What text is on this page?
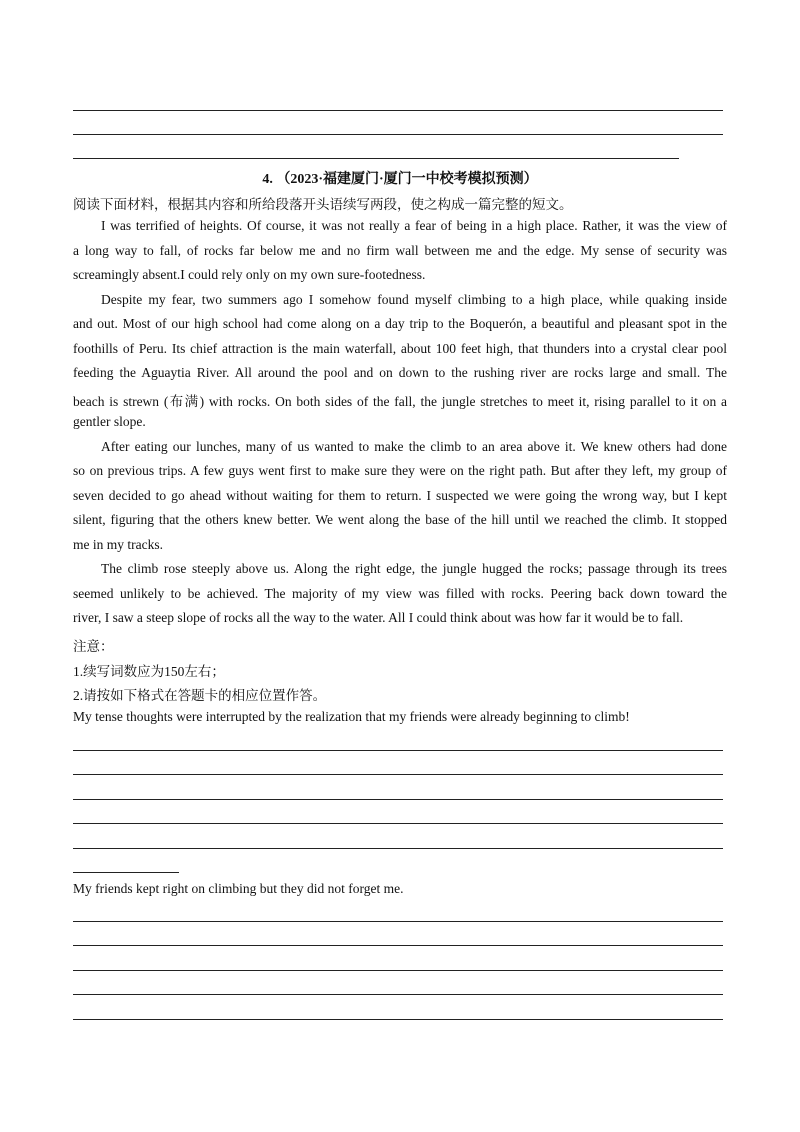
4. （2023·福建厦门·厦门一中校考模拟预测）
阅读下面材料，根据其内容和所给段落开头语续写两段，使之构成一篇完整的短文。
I was terrified of heights. Of course, it was not really a fear of being in a high place. Rather, it was the view of
a long way to fall, of rocks far below me and no firm wall between me and the edge. My sense of security was
screamingly absent.I could rely only on my own sure-footedness.
Despite my fear, two summers ago I somehow found myself climbing to a high place, while quaking inside
and out. Most of our high school had come along on a day trip to the Boquerón, a beautiful and pleasant spot in the
foothills of Peru. Its chief attraction is the main waterfall, about 100 feet high, that thunders into a crystal clear pool
feeding the Aguaytia River. All around the pool and on down to the rushing river are rocks large and small. The
beach is strewn (布满) with rocks. On both sides of the fall, the jungle stretches to meet it, rising parallel to it on a
gentler slope.
After eating our lunches, many of us wanted to make the climb to an area above it. We knew others had done
so on previous trips. A few guys went first to make sure they were on the right path. But after they left, my group of
seven decided to go ahead without waiting for them to return. I suspected we were going the wrong way, but I kept
silent, figuring that the others knew better. We went along the base of the hill until we reached the climb. It stopped
me in my tracks.
The climb rose steeply above us. Along the right edge, the jungle hugged the rocks; passage through its trees
seemed unlikely to be achieved. The majority of my view was filled with rocks. Peering back down toward the
river, I saw a steep slope of rocks all the way to the water. All I could think about was how far it would be to fall.
注意：
1.续写词数应为150左右；
2.请按如下格式在答题卡的相应位置作答。
My tense thoughts were interrupted by the realization that my friends were already beginning to climb!
My friends kept right on climbing but they did not forget me.
